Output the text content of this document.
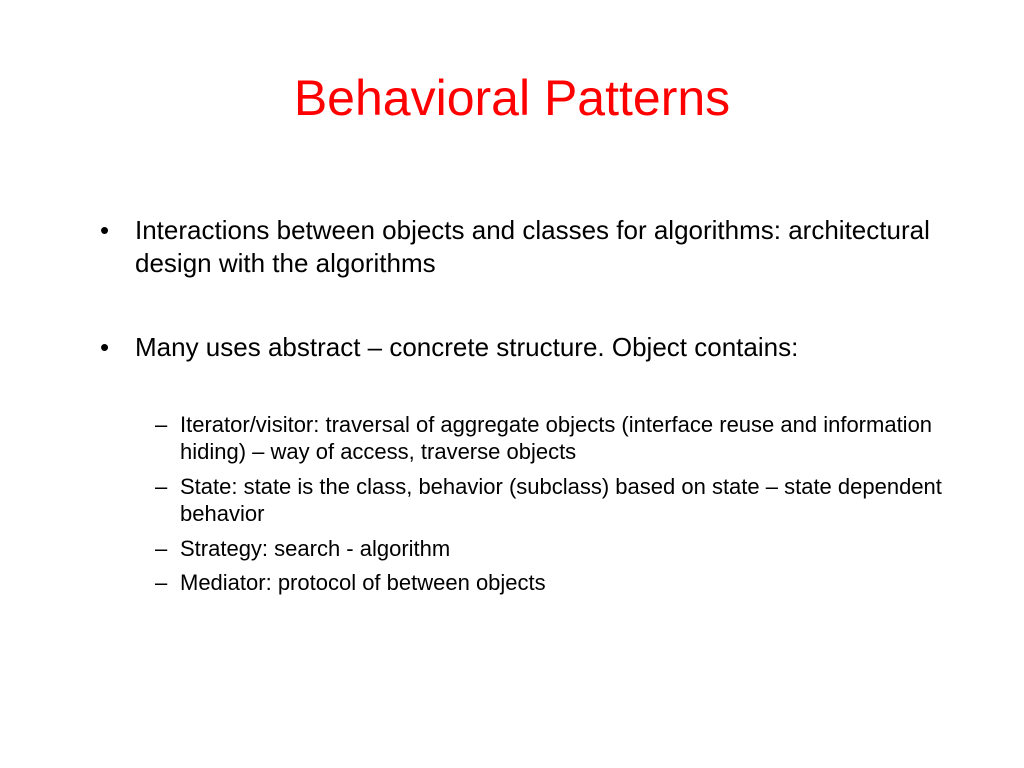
Behavioral Patterns
• Interactions between objects and classes for algorithms: architectural design with the algorithms
• Many uses abstract – concrete structure. Object contains:
– Iterator/visitor: traversal of aggregate objects (interface reuse and information hiding) – way of access, traverse objects
– State: state is the class, behavior (subclass) based on state – state dependent behavior
– Strategy: search - algorithm
– Mediator: protocol of between objects
